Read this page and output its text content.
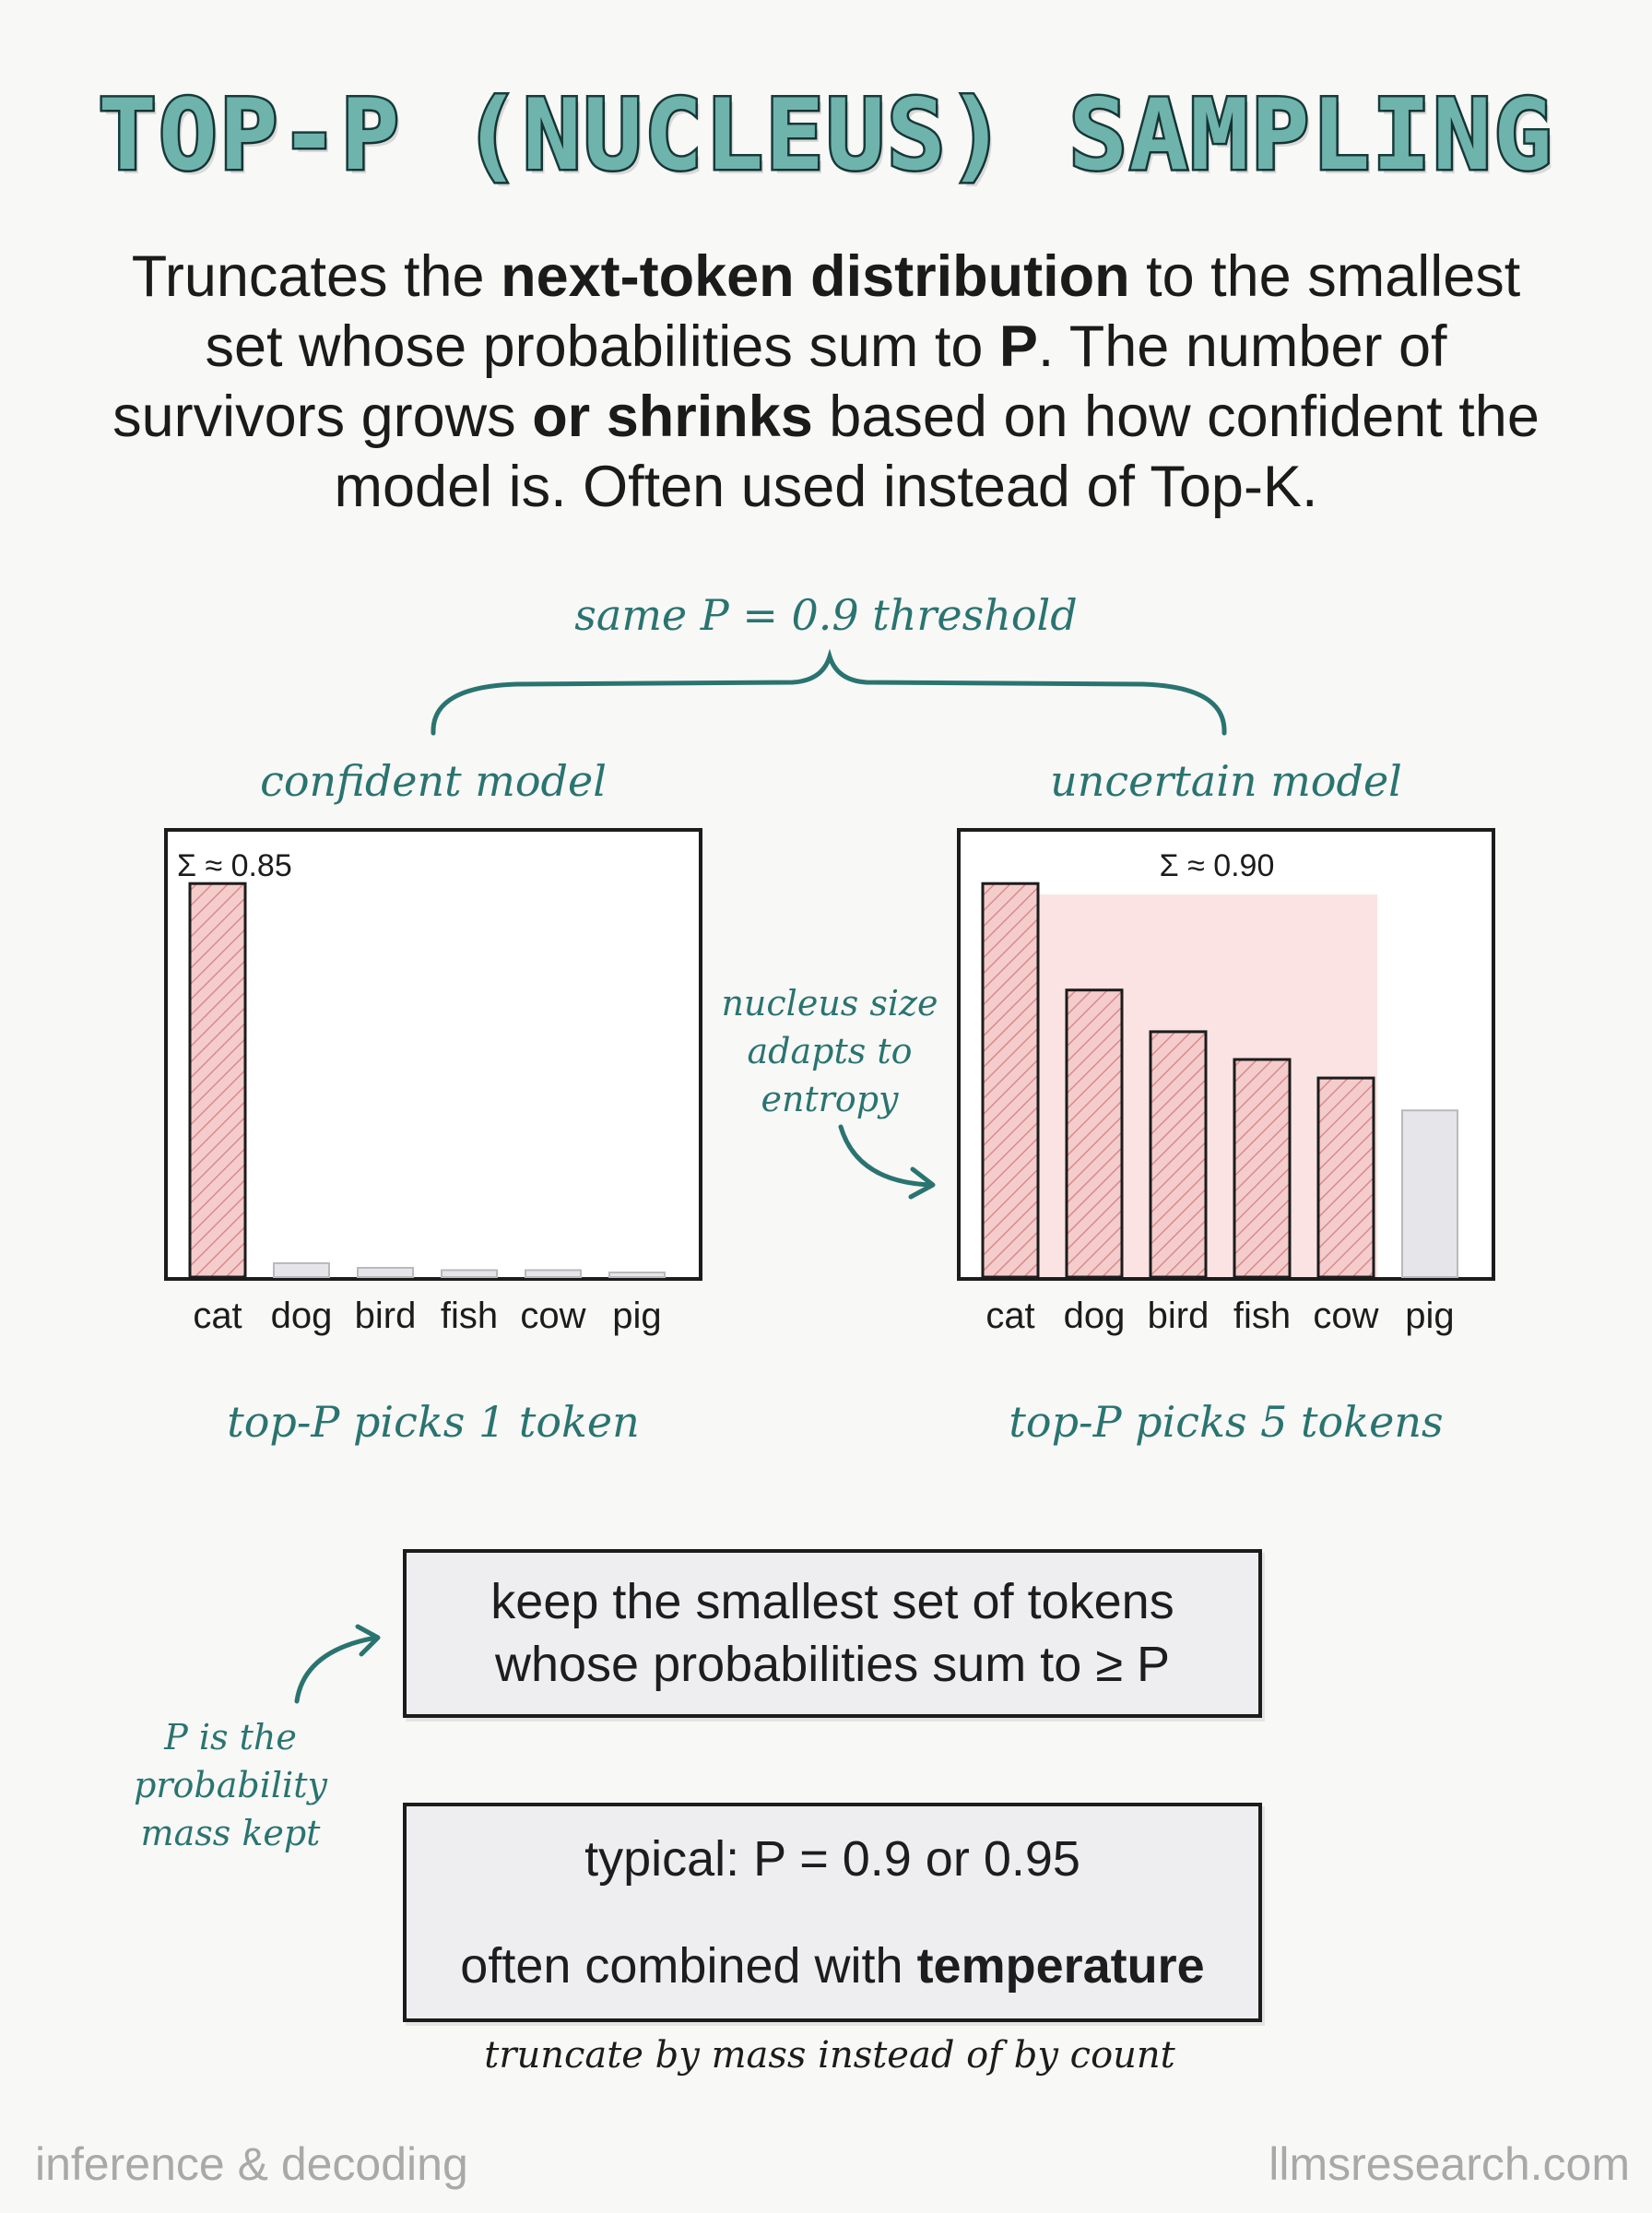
TOP-P (NUCLEUS) SAMPLING
Truncates the next-token distribution to the smallest set whose probabilities sum to P. The number of survivors grows or shrinks based on how confident the model is. Often used instead of Top-K.
same P = 0.9 threshold
confident model	uncertain model
cat dog bird fish cow pig
Σ ≈ 0.85
cat dog bird fish cow pig
Σ ≈ 0.90
nucleus size
adapts to
entropy
top-P picks 1 token	top-P picks 5 tokens
keep the smallest set of tokens
whose probabilities sum to ≥ P
P is the
probability
mass kept	typical: P = 0.9 or 0.95
often combined with temperature
truncate by mass instead of by count
inference & decoding	llmsresearch.com
